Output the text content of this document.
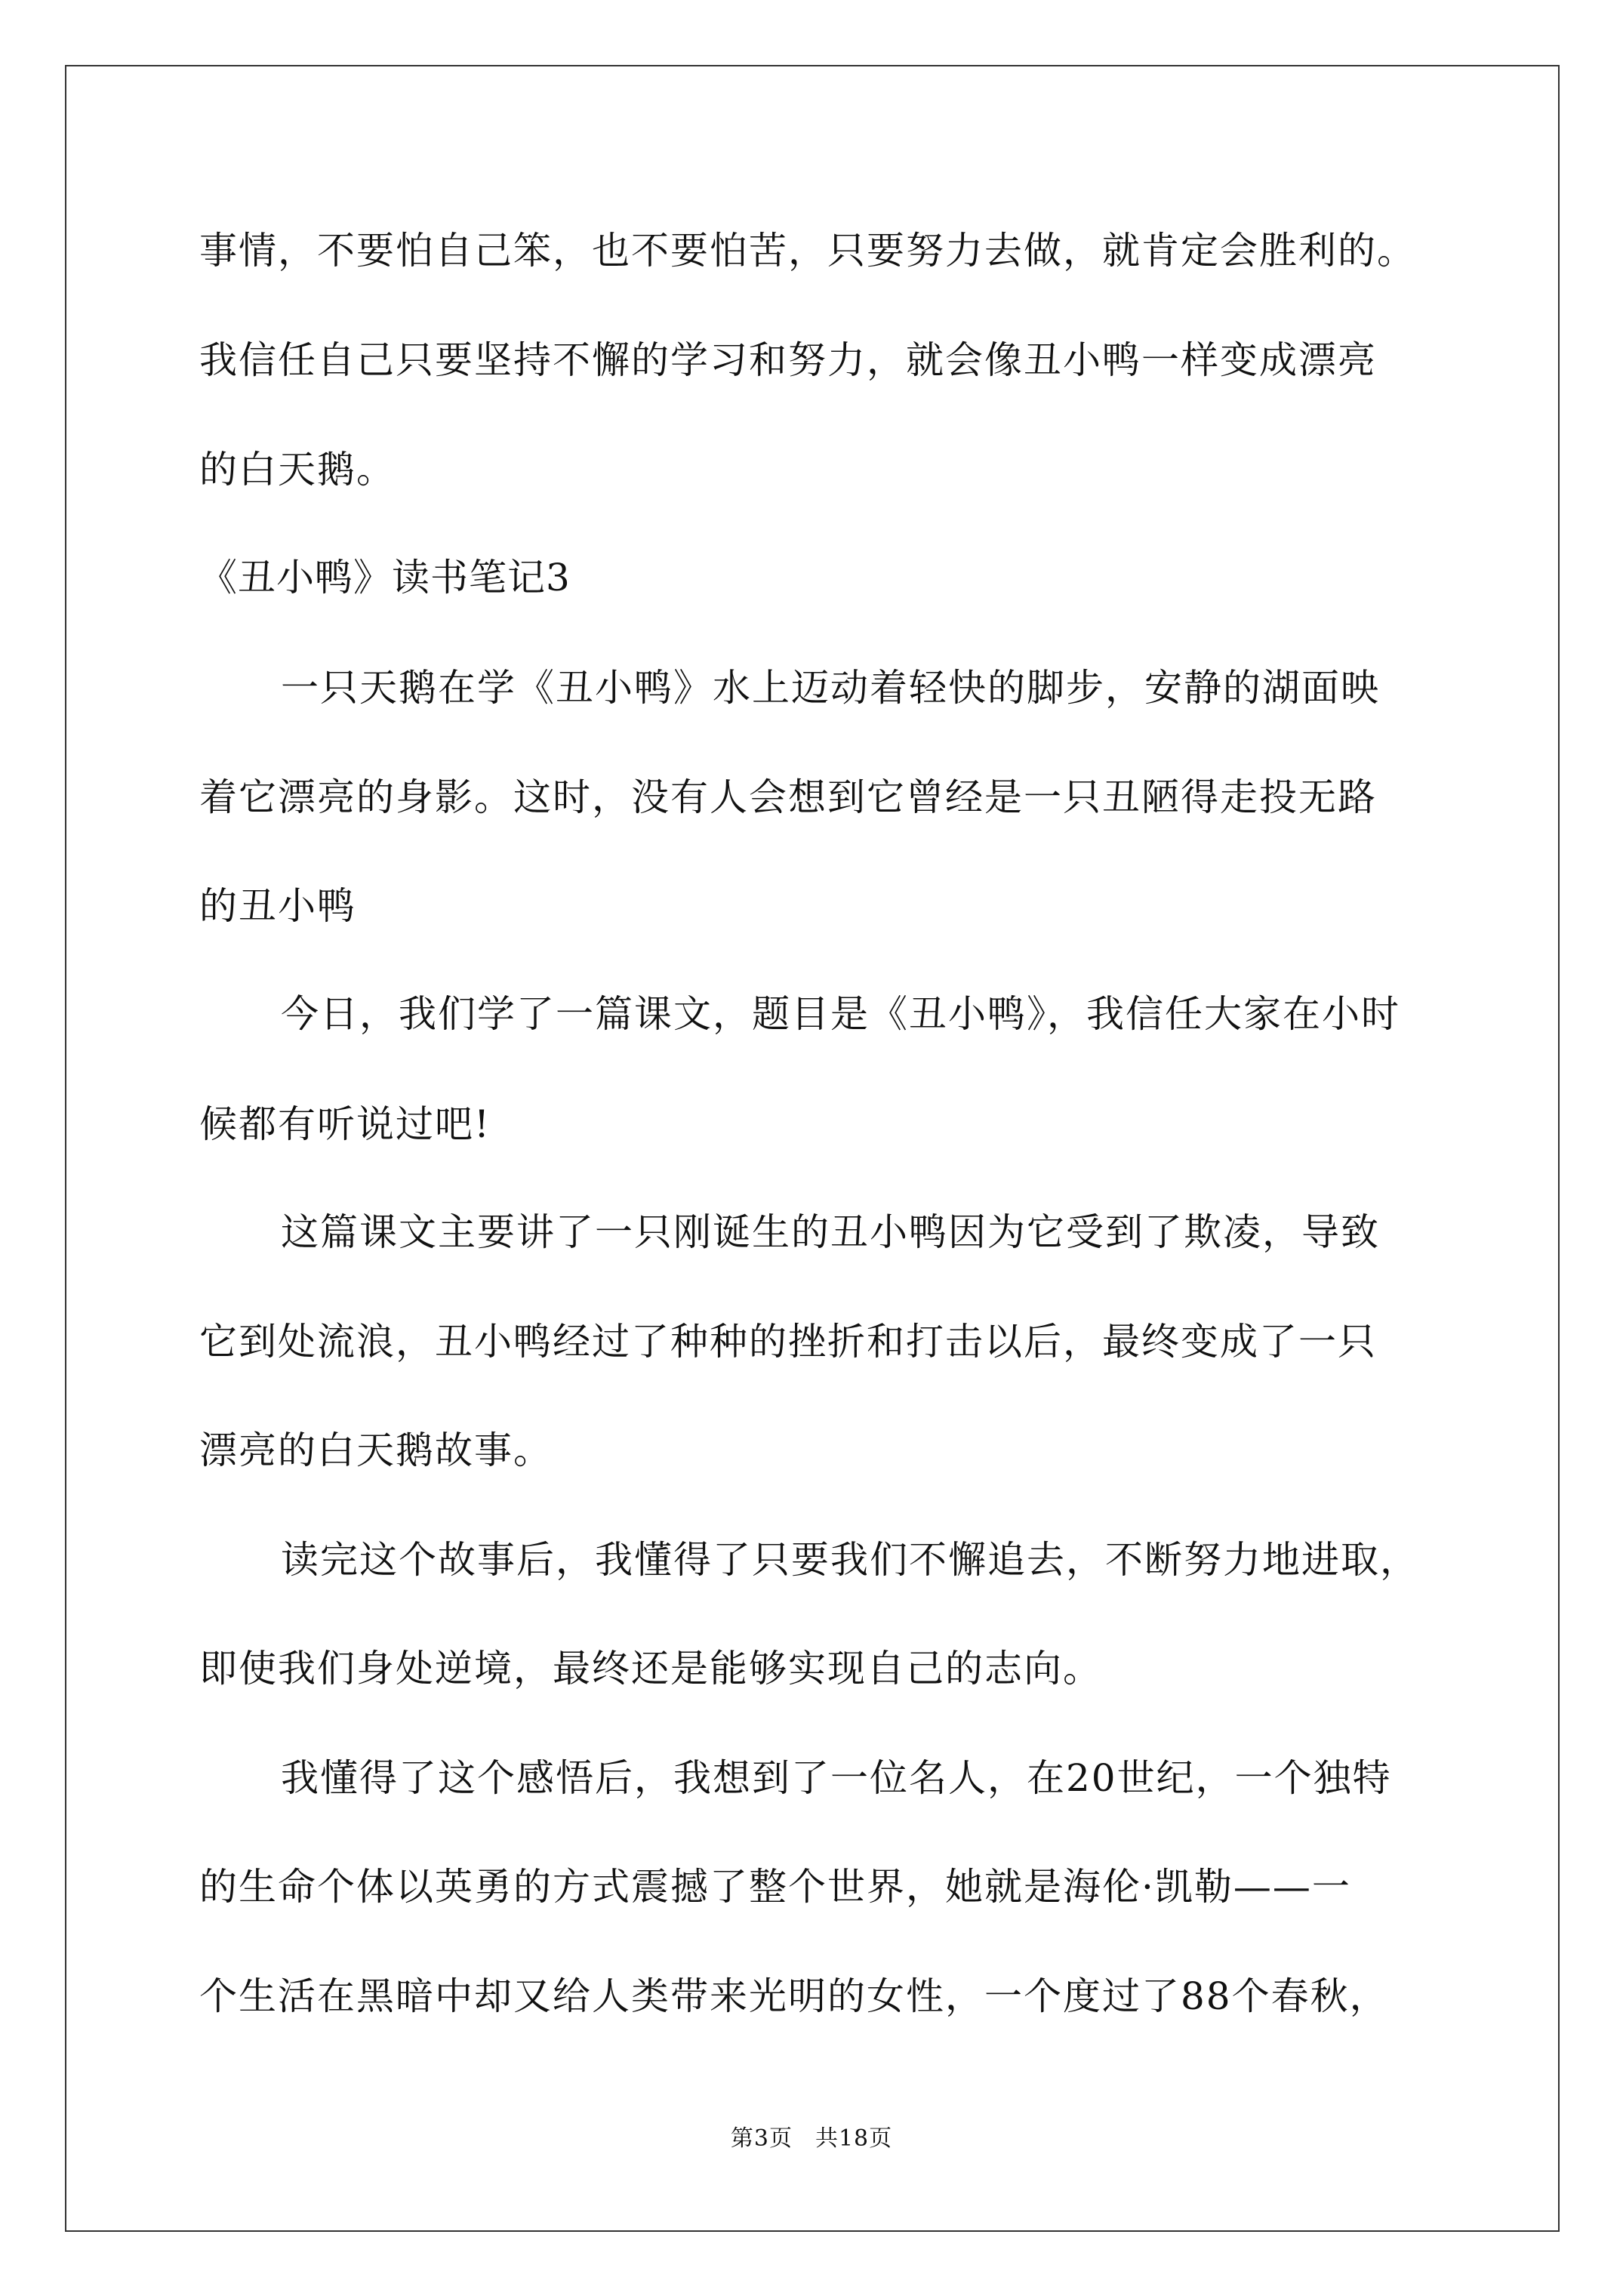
事情，不要怕自己笨，也不要怕苦，只要努力去做，就肯定会胜利的。
我信任自己只要坚持不懈的学习和努力，就会像丑小鸭一样变成漂亮
的白天鹅。
《丑小鸭》读书笔记3
一只天鹅在学《丑小鸭》水上迈动着轻快的脚步，安静的湖面映
着它漂亮的身影。这时，没有人会想到它曾经是一只丑陋得走投无路
的丑小鸭
今日，我们学了一篇课文，题目是《丑小鸭》，我信任大家在小时
候都有听说过吧!
这篇课文主要讲了一只刚诞生的丑小鸭因为它受到了欺凌，导致
它到处流浪，丑小鸭经过了种种的挫折和打击以后，最终变成了一只
漂亮的白天鹅故事。
读完这个故事后，我懂得了只要我们不懈追去，不断努力地进取，
即使我们身处逆境，最终还是能够实现自己的志向。
我懂得了这个感悟后，我想到了一位名人，在20世纪，一个独特
的生命个体以英勇的方式震撼了整个世界，她就是海伦·凯勒——一
个生活在黑暗中却又给人类带来光明的女性，一个度过了88个春秋，
第3页 共18页
